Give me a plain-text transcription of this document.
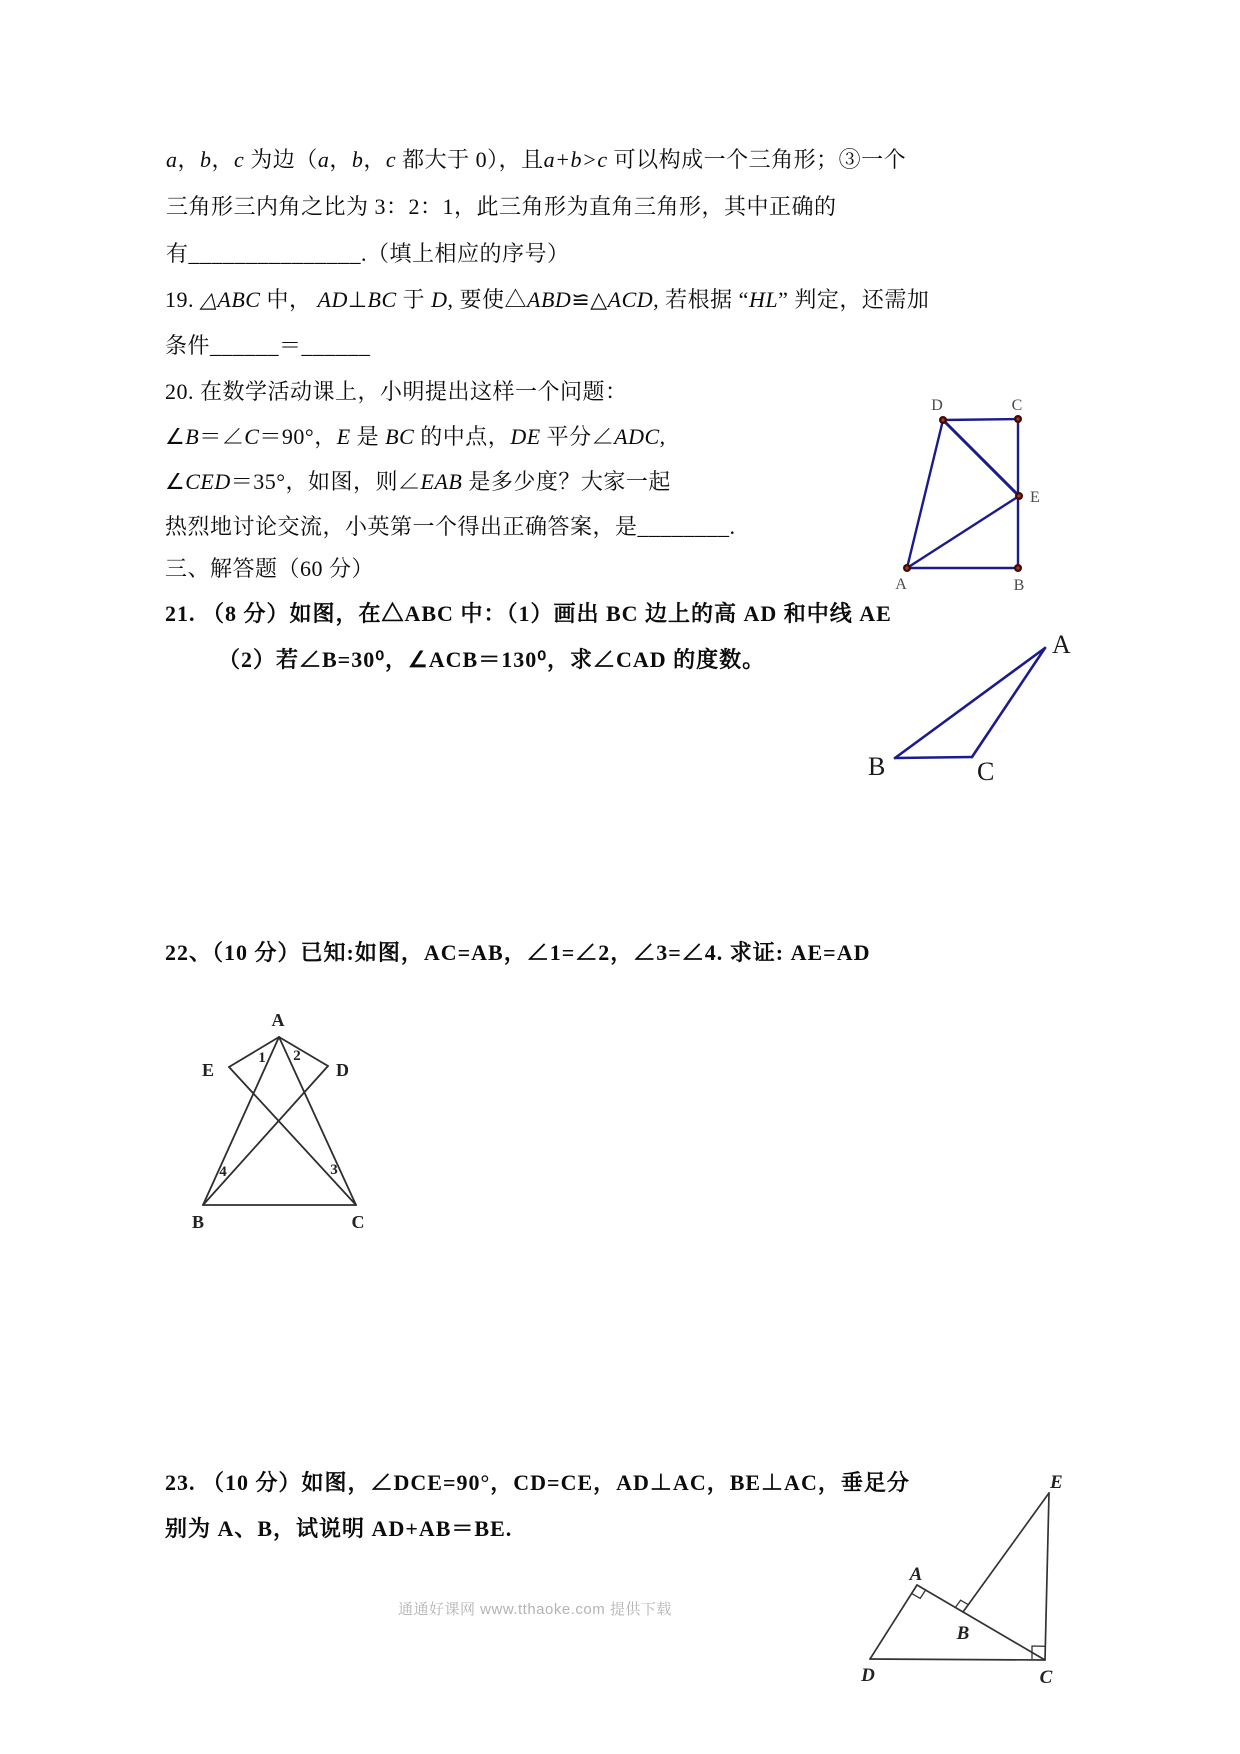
a，b，c 为边（a，b，c 都大于 0），且a+b>c 可以构成一个三角形；③一个
三角形三内角之比为 3：2：1，此三角形为直角三角形，其中正确的
有_______________.（填上相应的序号）
19. △ABC 中， AD⊥BC 于 D, 要使△ABD≌△ACD, 若根据 “HL” 判定，还需加
条件______＝______
20. 在数学活动课上，小明提出这样一个问题：
∠B＝∠C＝90°，E 是 BC 的中点，DE 平分∠ADC,
∠CED＝35°，如图，则∠EAB 是多少度？大家一起
热烈地讨论交流，小英第一个得出正确答案，是________.
三、解答题（60 分）
21. （8 分）如图，在△ABC 中：（1）画出 BC 边上的高 AD 和中线 AE
（2）若∠B=30⁰，∠ACB＝130⁰，求∠CAD 的度数。
22、（10 分）已知:如图，AC=AB，∠1=∠2，∠3=∠4. 求证: AE=AD
23. （10 分）如图，∠DCE=90°，CD=CE，AD⊥AC，BE⊥AC，垂足分
别为 A、B，试说明 AD+AB＝BE.
D	C
E
A	B
A
B	C
A
E	D
B	C
1 2
4	3
E
A
B
D	C
通通好课网 www.tthaoke.com 提供下载
